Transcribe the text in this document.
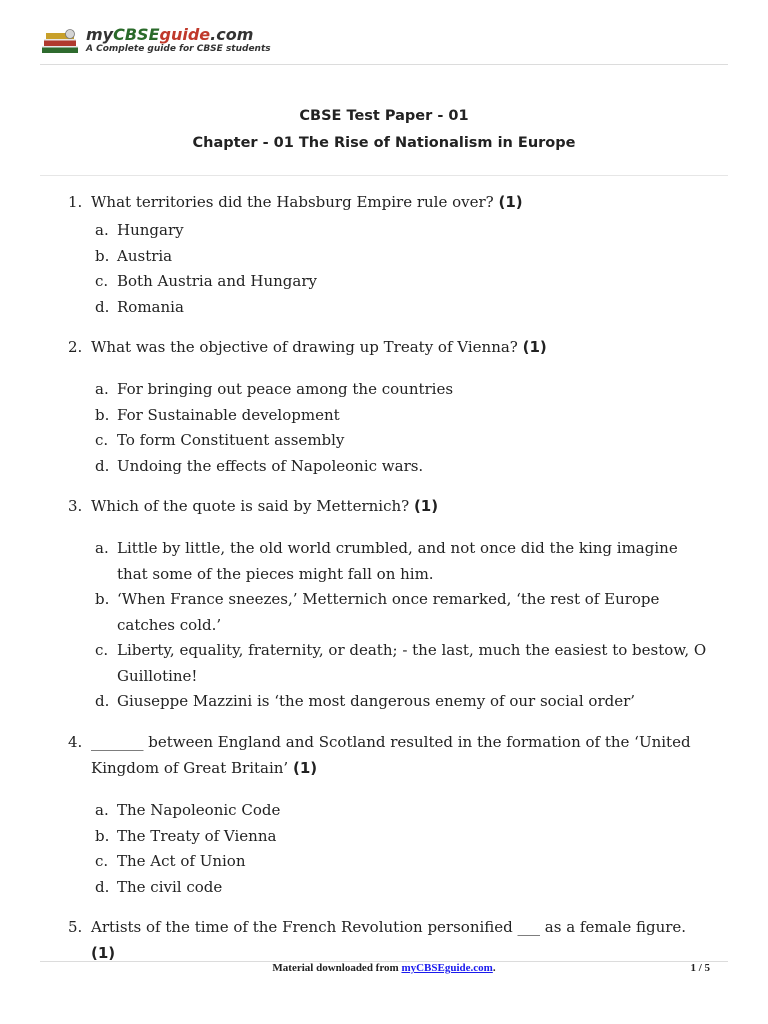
myCBSEguide.com
A Complete guide for CBSE students
CBSE Test Paper - 01
Chapter - 01 The Rise of Nationalism in Europe
1. What territories did the Habsburg Empire rule over? (1)
a. Hungary
b. Austria
c. Both Austria and Hungary
d. Romania
2. What was the objective of drawing up Treaty of Vienna? (1)
a. For bringing out peace among the countries
b. For Sustainable development
c. To form Constituent assembly
d. Undoing the effects of Napoleonic wars.
3. Which of the quote is said by Metternich? (1)
a. Little by little, the old world crumbled, and not once did the king imagine that some of the pieces might fall on him.
b. ‘When France sneezes,’ Metternich once remarked, ‘the rest of Europe catches cold.’
c. Liberty, equality, fraternity, or death; - the last, much the easiest to bestow, O Guillotine!
d. Giuseppe Mazzini is ‘the most dangerous enemy of our social order’
4. _______ between England and Scotland resulted in the formation of the ‘United Kingdom of Great Britain’ (1)
a. The Napoleonic Code
b. The Treaty of Vienna
c. The Act of Union
d. The civil code
5. Artists of the time of the French Revolution personified ___ as a female figure. (1)
Material downloaded from myCBSEguide.com.	1 / 5
